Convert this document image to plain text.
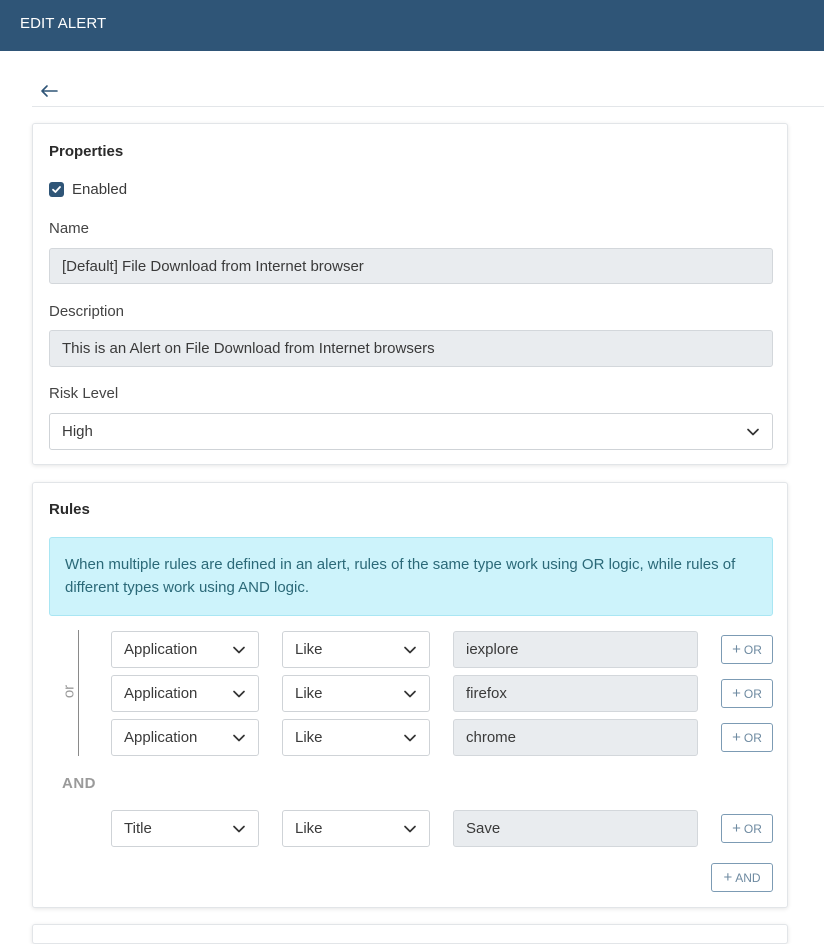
EDIT ALERT
Properties
Enabled
Name
[Default] File Download from Internet browser
Description
This is an Alert on File Download from Internet browsers
Risk Level
High
Rules
When multiple rules are defined in an alert, rules of the same type work using OR logic, while rules of different types work using AND logic.
or
Application	Like	iexplore	+ OR
Application	Like	firefox	+ OR
Application	Like	chrome	+ OR
AND
Title	Like	Save	+ OR
+ AND
